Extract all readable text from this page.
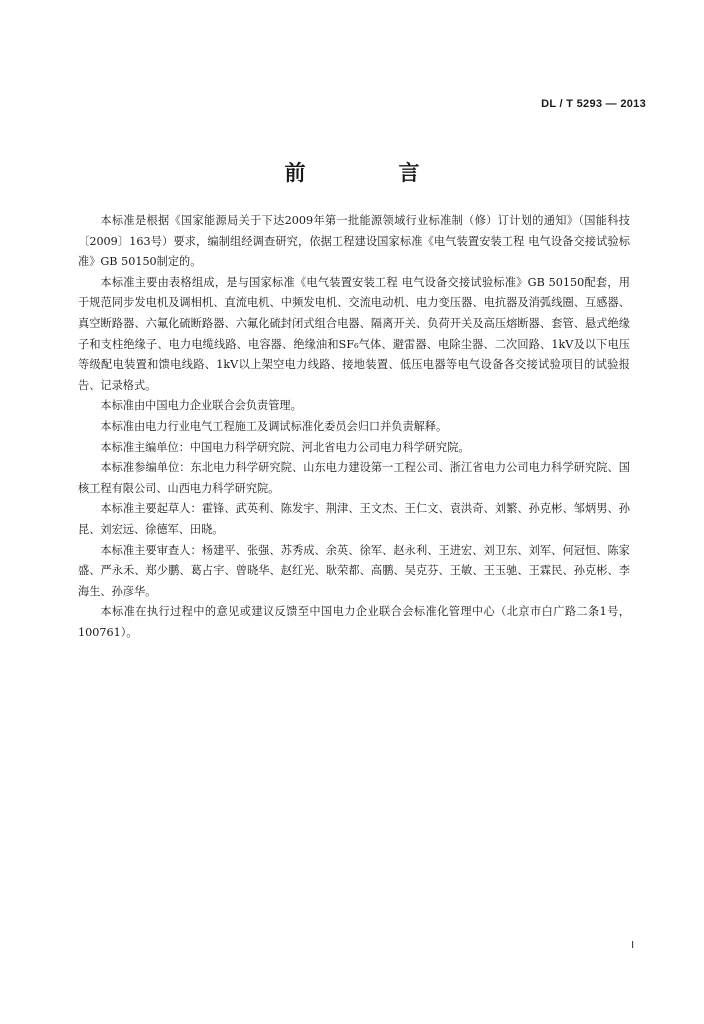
DL / T 5293 — 2013
前　言

本标准是根据《国家能源局关于下达2009年第一批能源领域行业标准制（修）订计划的通知》（国能科技〔2009〕163号）要求，编制组经调查研究，依据工程建设国家标准《电气装置安装工程 电气设备交接试验标准》GB 50150制定的。

本标准主要由表格组成，是与国家标准《电气装置安装工程 电气设备交接试验标准》GB 50150配套，用于规范同步发电机及调相机、直流电机、中频发电机、交流电动机、电力变压器、电抗器及消弧线圈、互感器、真空断路器、六氟化硫断路器、六氟化硫封闭式组合电器、隔离开关、负荷开关及高压熔断器、套管、悬式绝缘子和支柱绝缘子、电力电缆线路、电容器、绝缘油和SF₆气体、避雷器、电除尘器、二次回路、1kV及以下电压等级配电装置和馈电线路、1kV以上架空电力线路、接地装置、低压电器等电气设备各交接试验项目的试验报告、记录格式。

本标准由中国电力企业联合会负责管理。

本标准由电力行业电气工程施工及调试标准化委员会归口并负责解释。

本标准主编单位：中国电力科学研究院、河北省电力公司电力科学研究院。

本标准参编单位：东北电力科学研究院、山东电力建设第一工程公司、浙江省电力公司电力科学研究院、国核工程有限公司、山西电力科学研究院。

本标准主要起草人：霍锋、武英利、陈发宇、荆津、王文杰、王仁文、袁洪奇、刘繁、孙克彬、邹炳男、孙昆、刘宏远、徐德军、田晓。

本标准主要审查人：杨建平、张强、苏秀成、余英、徐军、赵永利、王进宏、刘卫东、刘军、何冠恒、陈家盛、严永禾、郑少鹏、葛占宇、曾晓华、赵红光、耿荣都、高鹏、吴克芬、王敏、王玉驰、王霖民、孙克彬、李海生、孙彦华。

本标准在执行过程中的意见或建议反馈至中国电力企业联合会标准化管理中心（北京市白广路二条1号，100761）。

I
